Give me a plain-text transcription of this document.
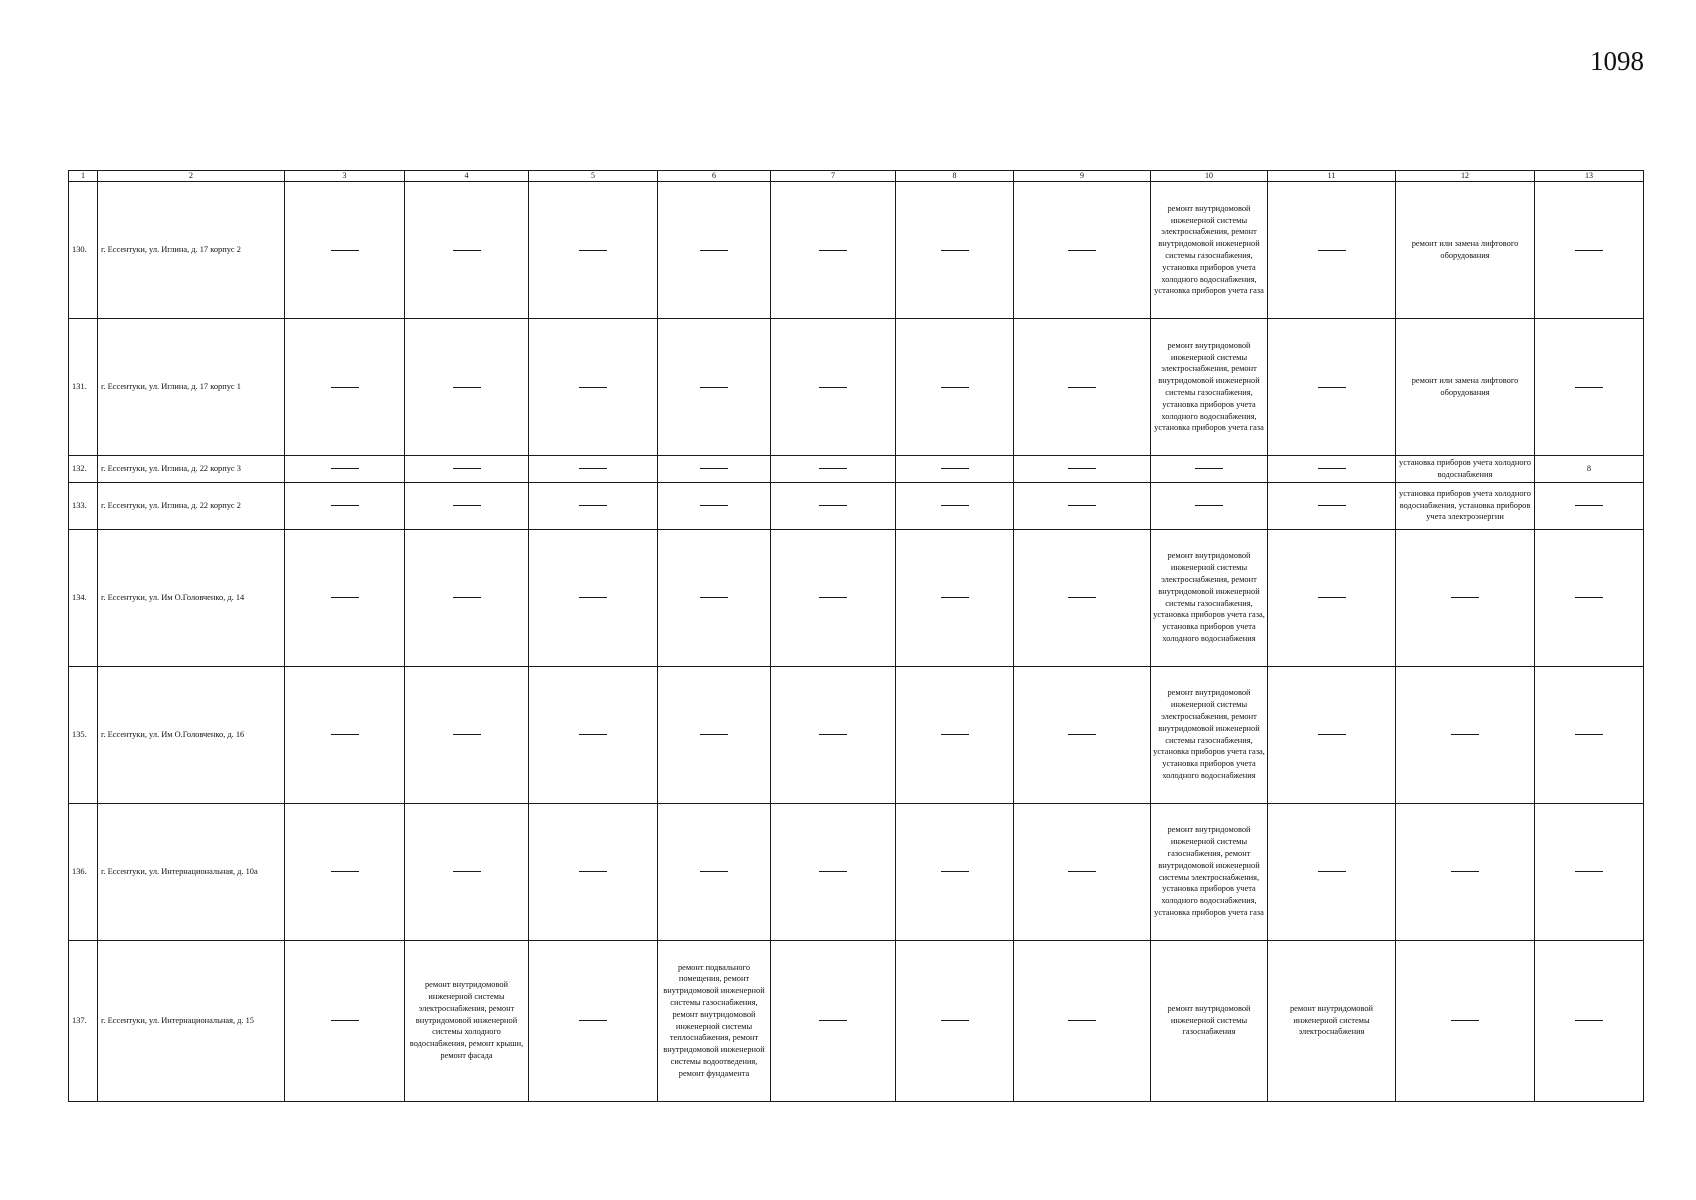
1098
1	2	3	4	5	6	7	8	9	10	11	12	13
130.	г. Ессентуки, ул. Иглина, д. 17 корпус 2								ремонт внутридомовой инженерной системы электроснабжения, ремонт внутридомовой инженерной системы газоснабжения, установка приборов учета холодного водоснабжения, установка приборов учета газа		ремонт или замена лифтового оборудования	
131.	г. Ессентуки, ул. Иглина, д. 17 корпус 1								ремонт внутридомовой инженерной системы электроснабжения, ремонт внутридомовой инженерной системы газоснабжения, установка приборов учета холодного водоснабжения, установка приборов учета газа		ремонт или замена лифтового оборудования	
132.	г. Ессентуки, ул. Иглина, д. 22 корпус 3										установка приборов учета холодного водоснабжения	8
133.	г. Ессентуки, ул. Иглина, д. 22 корпус 2										установка приборов учета холодного водоснабжения, установка приборов учета электроэнергии	
134.	г. Ессентуки, ул. Им О.Головченко, д. 14								ремонт внутридомовой инженерной системы электроснабжения, ремонт внутридомовой инженерной системы газоснабжения, установка приборов учета газа, установка приборов учета холодного водоснабжения			
135.	г. Ессентуки, ул. Им О.Головченко, д. 16								ремонт внутридомовой инженерной системы электроснабжения, ремонт внутридомовой инженерной системы газоснабжения, установка приборов учета газа, установка приборов учета холодного водоснабжения			
136.	г. Ессентуки, ул. Интернациональная, д. 10а								ремонт внутридомовой инженерной системы газоснабжения, ремонт внутридомовой инженерной системы электроснабжения, установка приборов учета холодного водоснабжения, установка приборов учета газа			
137.	г. Ессентуки, ул. Интернациональная, д. 15		ремонт внутридомовой инженерной системы электроснабжения, ремонт внутридомовой инженерной системы холодного водоснабжения, ремонт крыши, ремонт фасада		ремонт подвального помещения, ремонт внутридомовой инженерной системы газоснабжения, ремонт внутридомовой инженерной системы теплоснабжения, ремонт внутридомовой инженерной системы водоотведения, ремонт фундамента				ремонт внутридомовой инженерной системы газоснабжения	ремонт внутридомовой инженерной системы электроснабжения		
